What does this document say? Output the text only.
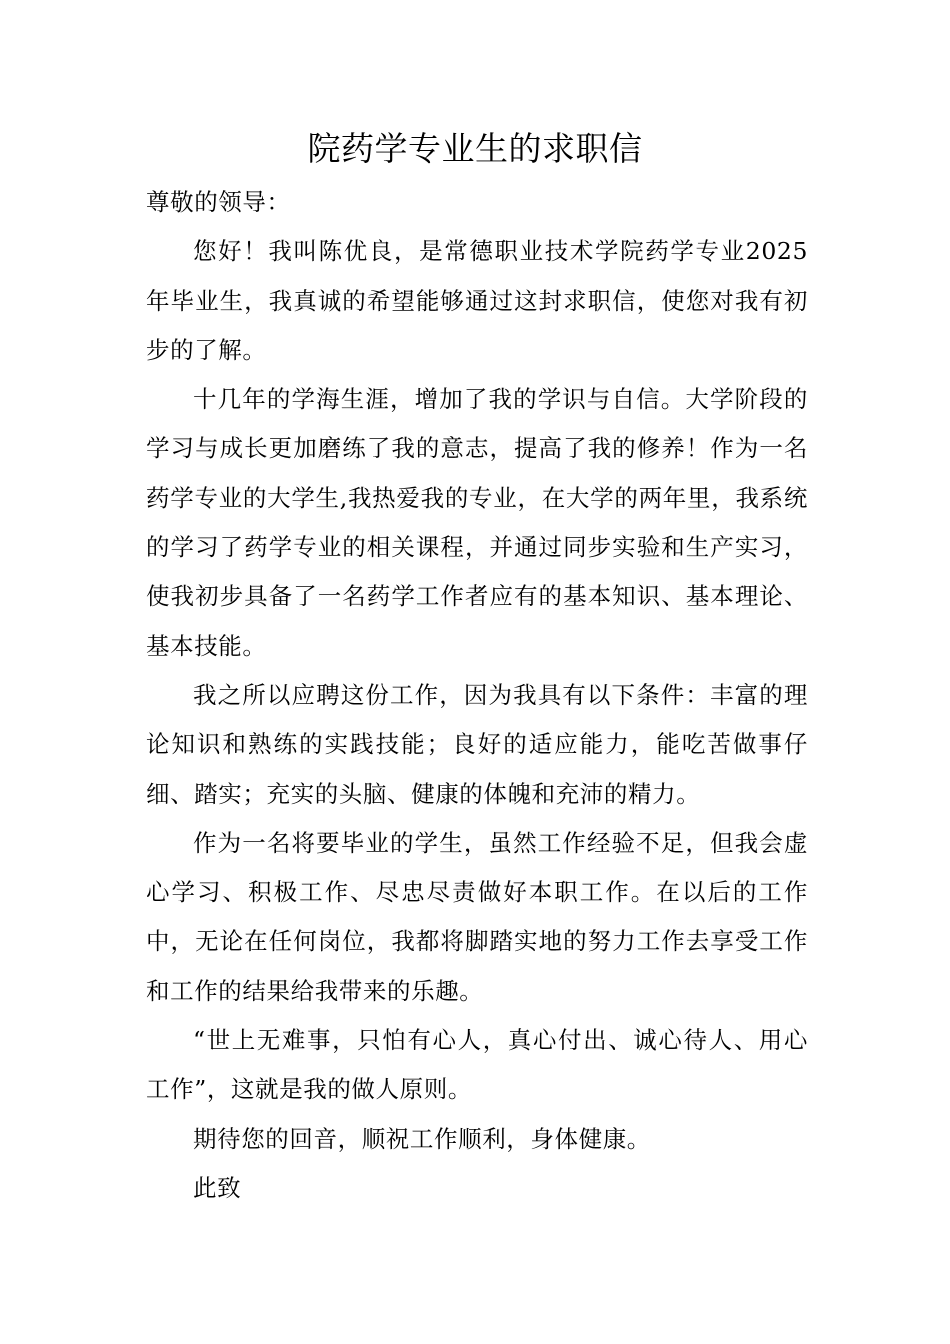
院药学专业生的求职信

尊敬的领导：

您好！我叫陈优良，是常德职业技术学院药学专业2025年毕业生，我真诚的希望能够通过这封求职信，使您对我有初步的了解。

十几年的学海生涯，增加了我的学识与自信。大学阶段的学习与成长更加磨练了我的意志，提高了我的修养！作为一名药学专业的大学生,我热爱我的专业，在大学的两年里，我系统的学习了药学专业的相关课程，并通过同步实验和生产实习，使我初步具备了一名药学工作者应有的基本知识、基本理论、基本技能。

我之所以应聘这份工作，因为我具有以下条件：丰富的理论知识和熟练的实践技能；良好的适应能力，能吃苦做事仔细、踏实；充实的头脑、健康的体魄和充沛的精力。

作为一名将要毕业的学生，虽然工作经验不足，但我会虚心学习、积极工作、尽忠尽责做好本职工作。在以后的工作中，无论在任何岗位，我都将脚踏实地的努力工作去享受工作和工作的结果给我带来的乐趣。

“世上无难事，只怕有心人，真心付出、诚心待人、用心工作”，这就是我的做人原则。

期待您的回音，顺祝工作顺利，身体健康。

此致
